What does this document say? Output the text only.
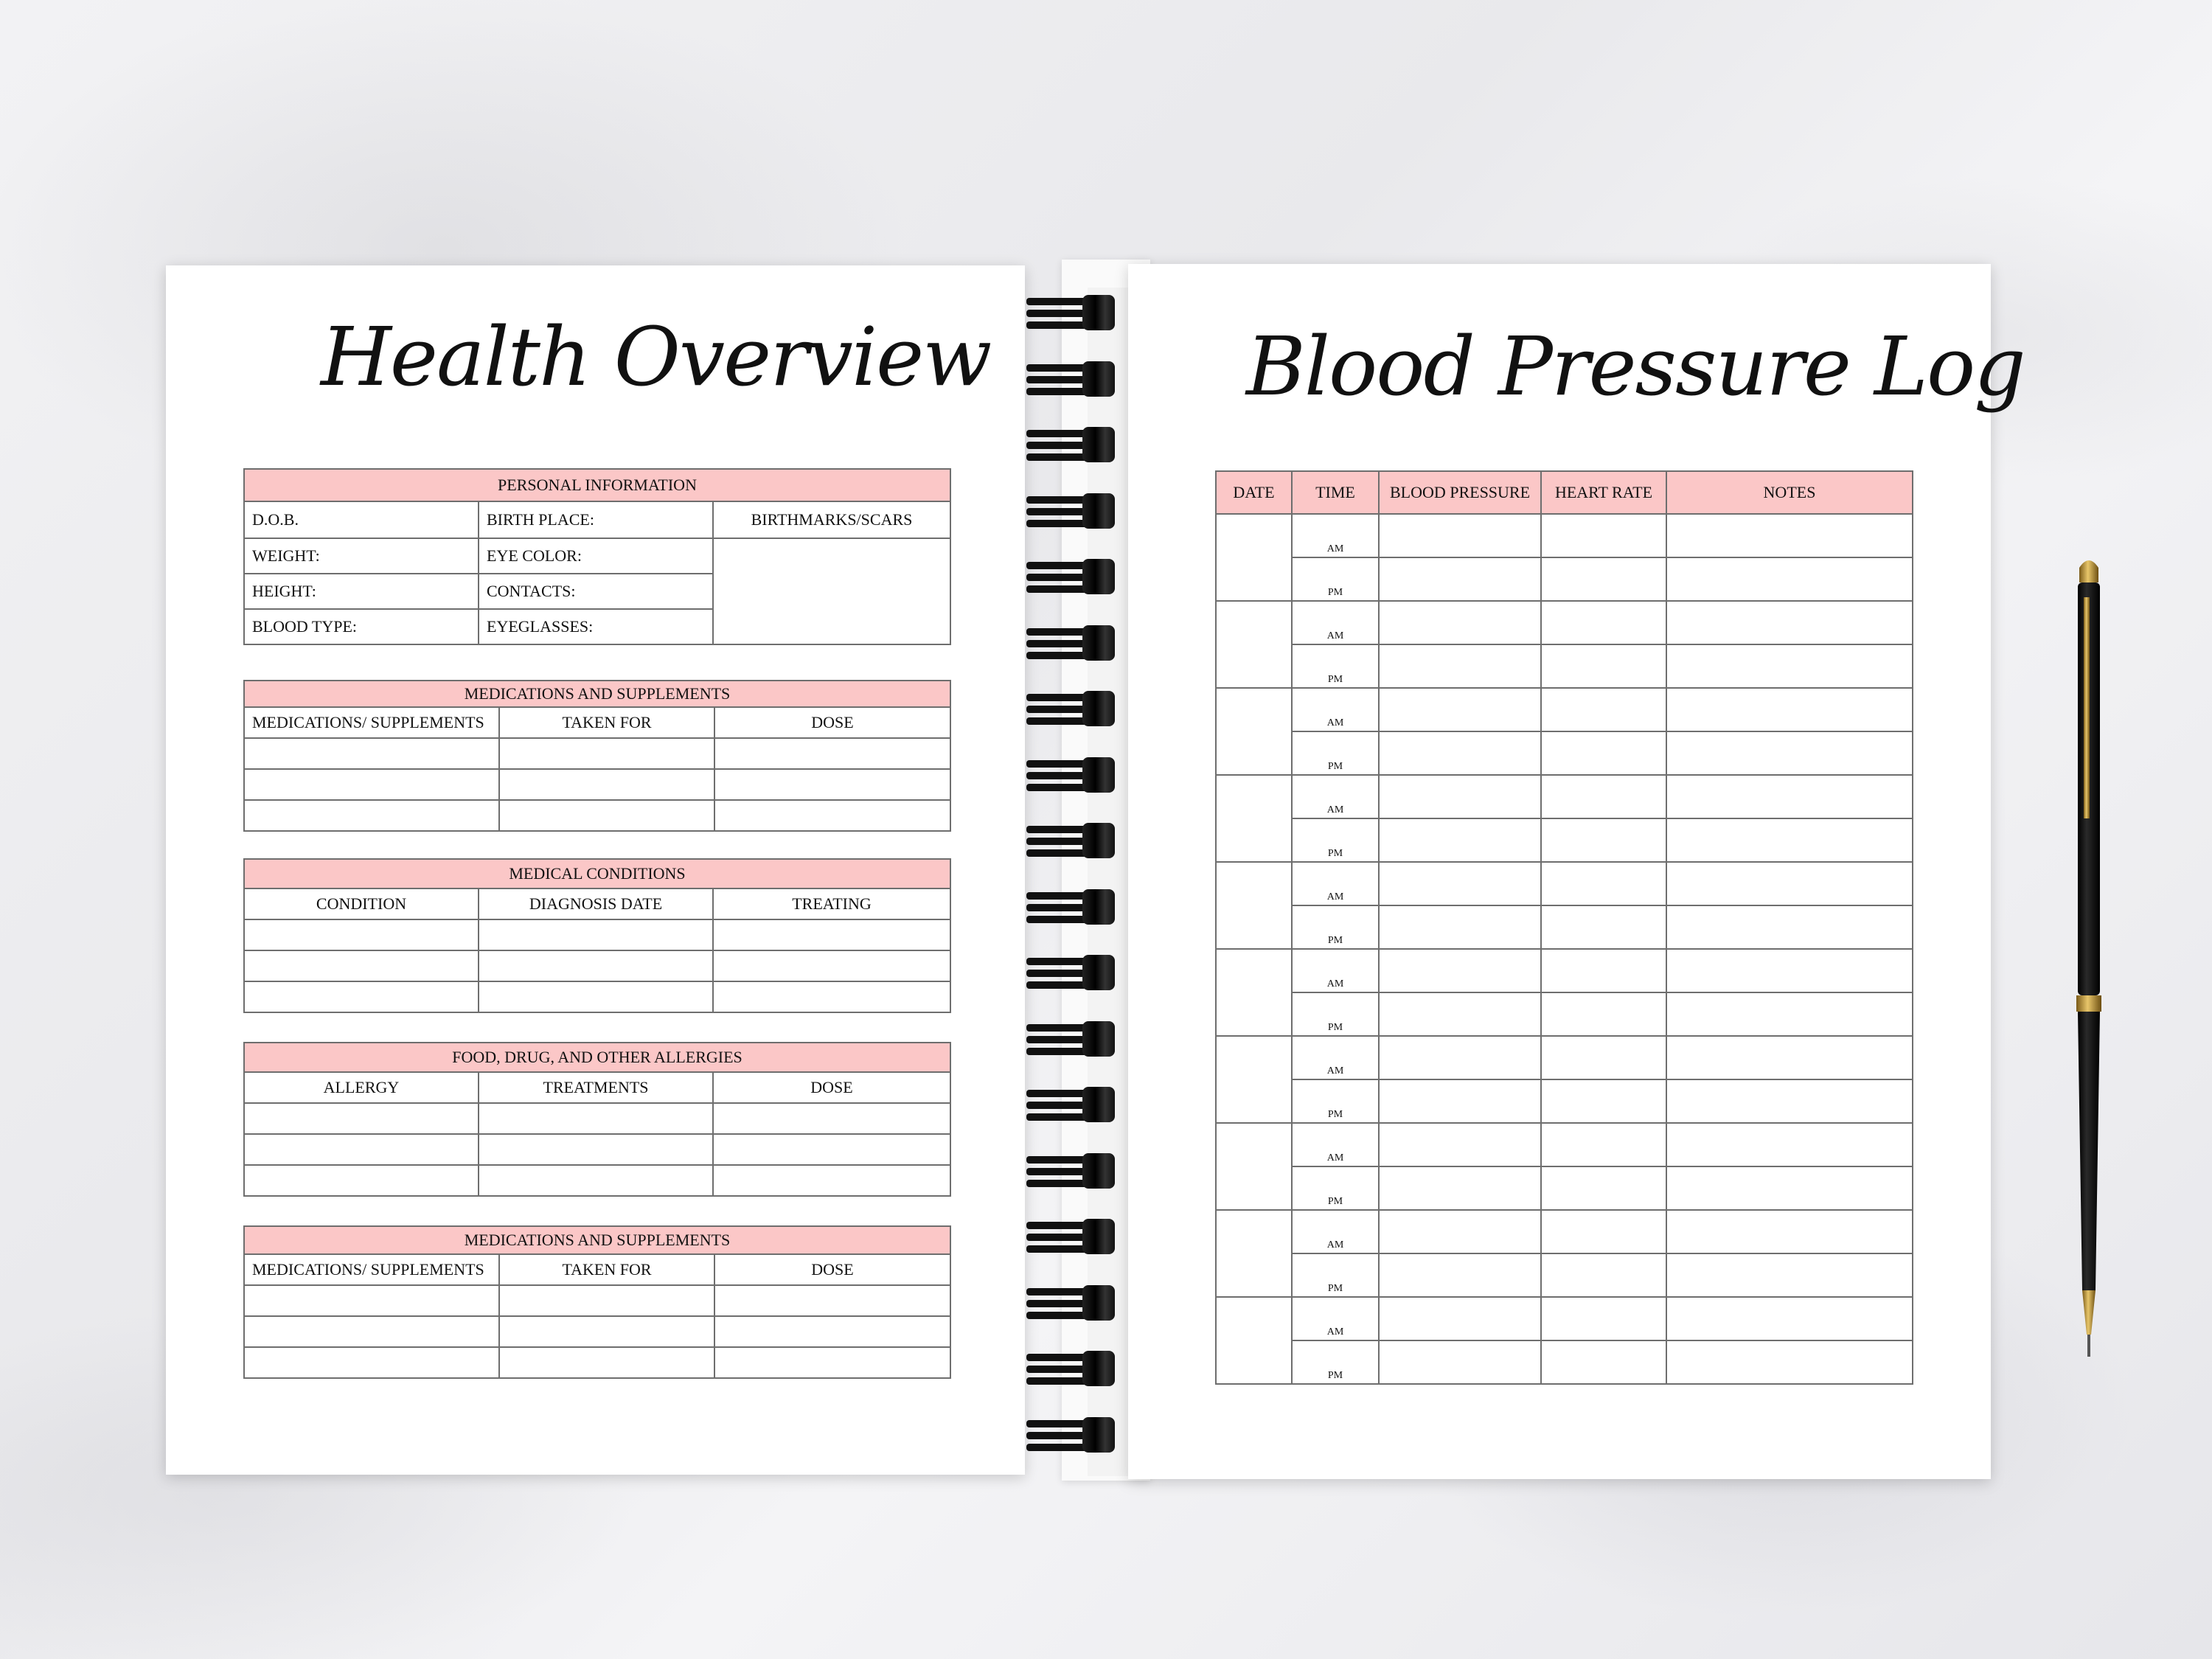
Health Overview
PERSONAL INFORMATION		
D.O.B.	BIRTH PLACE:	BIRTHMARKS/SCARS
WEIGHT:	EYE COLOR:	
HEIGHT:	CONTACTS:	
BLOOD TYPE:	EYEGLASSES:	
MEDICATIONS AND SUPPLEMENTS		
MEDICATIONS/ SUPPLEMENTS	TAKEN FOR	DOSE

MEDICAL CONDITIONS		
CONDITION	DIAGNOSIS DATE	TREATING

FOOD, DRUG, AND OTHER ALLERGIES		
ALLERGY	TREATMENTS	DOSE

MEDICATIONS AND SUPPLEMENTS		
MEDICATIONS/ SUPPLEMENTS	TAKEN FOR	DOSE

Blood Pressure Log
DATE	TIME	BLOOD PRESSURE	HEART RATE	NOTES
	AM			
	PM			
	AM			
	PM			
	AM			
	PM			
	AM			
	PM			
	AM			
	PM			
	AM			
	PM			
	AM			
	PM			
	AM			
	PM			
	AM			
	PM			
	AM			
	PM			
